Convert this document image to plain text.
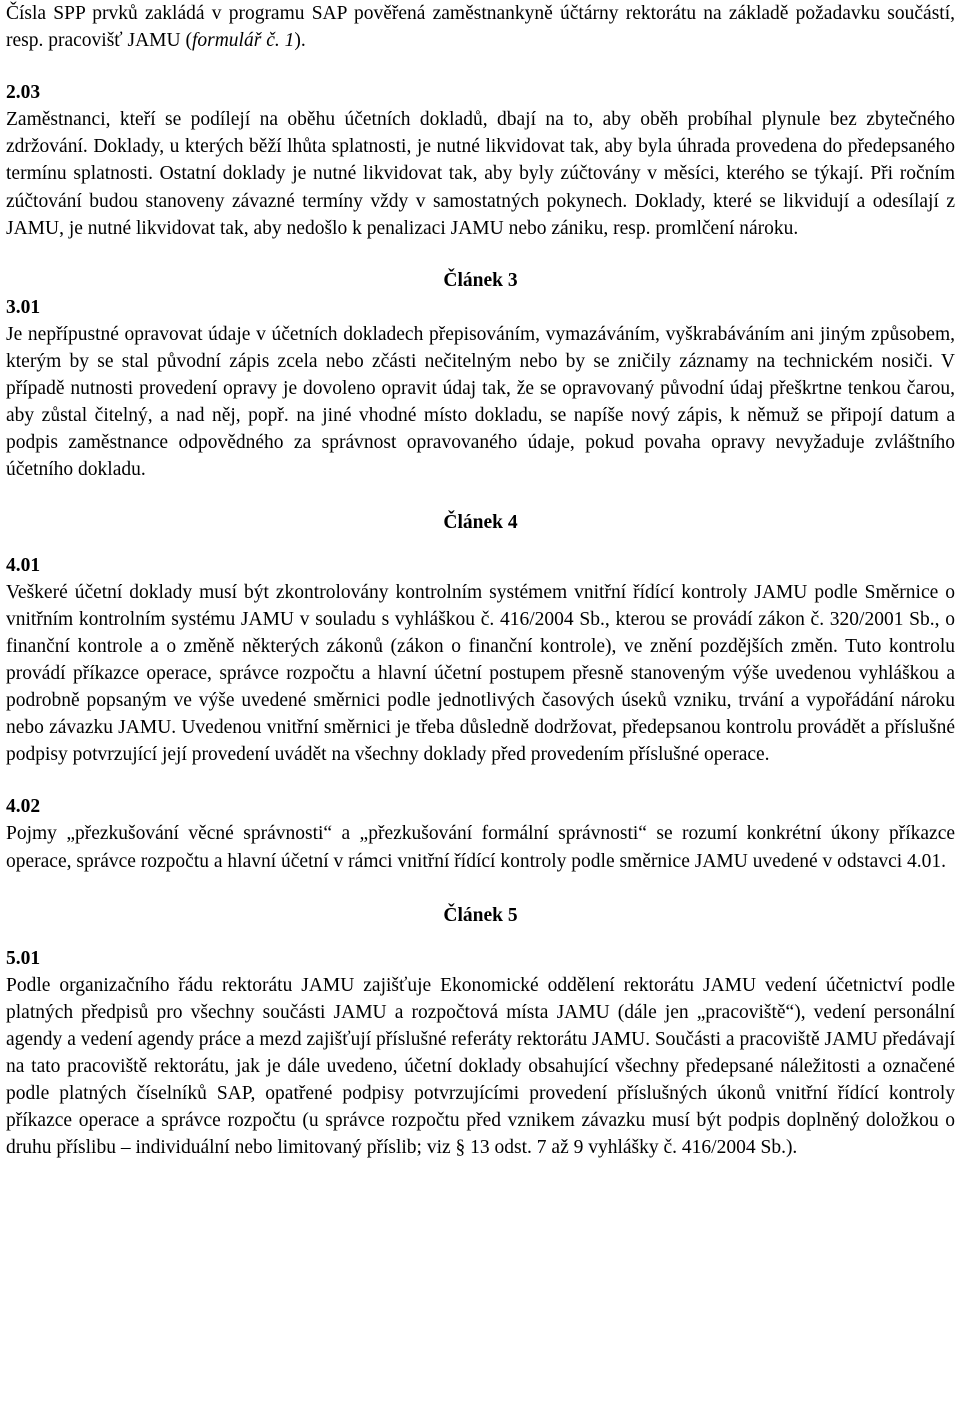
Čísla SPP prvků zakládá v programu SAP pověřená zaměstnankyně účtárny rektorátu na základě požadavku součástí, resp. pracovišť JAMU (formulář č. 1).

2.03

Zaměstnanci, kteří se podílejí na oběhu účetních dokladů, dbají na to, aby oběh probíhal plynule bez zbytečného zdržování. Doklady, u kterých běží lhůta splatnosti, je nutné likvidovat tak, aby byla úhrada provedena do předepsaného termínu splatnosti. Ostatní doklady je nutné likvidovat tak, aby byly zúčtovány v měsíci, kterého se týkají. Při ročním zúčtování budou stanoveny závazné termíny vždy v samostatných pokynech. Doklady, které se likvidují a odesílají z JAMU, je nutné likvidovat tak, aby nedošlo k penalizaci JAMU nebo zániku, resp. promlčení nároku.

Článek 3

3.01

Je nepřípustné opravovat údaje v účetních dokladech přepisováním, vymazáváním, vyškrabáváním ani jiným způsobem, kterým by se stal původní zápis zcela nebo zčásti nečitelným nebo by se zničily záznamy na technickém nosiči. V případě nutnosti provedení opravy je dovoleno opravit údaj tak, že se opravovaný původní údaj přeškrtne tenkou čarou, aby zůstal čitelný, a nad něj, popř. na jiné vhodné místo dokladu, se napíše nový zápis, k němuž se připojí datum a podpis zaměstnance odpovědného za správnost opravovaného údaje, pokud povaha opravy nevyžaduje zvláštního účetního dokladu.

Článek 4

4.01

Veškeré účetní doklady musí být zkontrolovány kontrolním systémem vnitřní řídící kontroly JAMU podle Směrnice o vnitřním kontrolním systému JAMU v souladu s vyhláškou č. 416/2004 Sb., kterou se provádí zákon č. 320/2001 Sb., o finanční kontrole a o změně některých zákonů (zákon o finanční kontrole), ve znění pozdějších změn. Tuto kontrolu provádí příkazce operace, správce rozpočtu a hlavní účetní postupem přesně stanoveným výše uvedenou vyhláškou a podrobně popsaným ve výše uvedené směrnici podle jednotlivých časových úseků vzniku, trvání a vypořádání nároku nebo závazku JAMU. Uvedenou vnitřní směrnici je třeba důsledně dodržovat, předepsanou kontrolu provádět a příslušné podpisy potvrzující její provedení uvádět na všechny doklady před provedením příslušné operace.

4.02

Pojmy „přezkušování věcné správnosti“ a „přezkušování formální správnosti“ se rozumí konkrétní úkony příkazce operace, správce rozpočtu a hlavní účetní v rámci vnitřní řídící kontroly podle směrnice JAMU uvedené v odstavci 4.01.

Článek 5

5.01

Podle organizačního řádu rektorátu JAMU zajišťuje Ekonomické oddělení rektorátu JAMU vedení účetnictví podle platných předpisů pro všechny součásti JAMU a rozpočtová místa JAMU (dále jen „pracoviště“), vedení personální agendy a vedení agendy práce a mezd zajišťují příslušné referáty rektorátu JAMU. Součásti a pracoviště JAMU předávají na tato pracoviště rektorátu, jak je dále uvedeno, účetní doklady obsahující všechny předepsané náležitosti a označené podle platných číselníků SAP, opatřené podpisy potvrzujícími provedení příslušných úkonů vnitřní řídící kontroly příkazce operace a správce rozpočtu (u správce rozpočtu před vznikem závazku musí být podpis doplněný doložkou o druhu příslibu – individuální nebo limitovaný příslib; viz § 13 odst. 7 až 9 vyhlášky č. 416/2004 Sb.).
